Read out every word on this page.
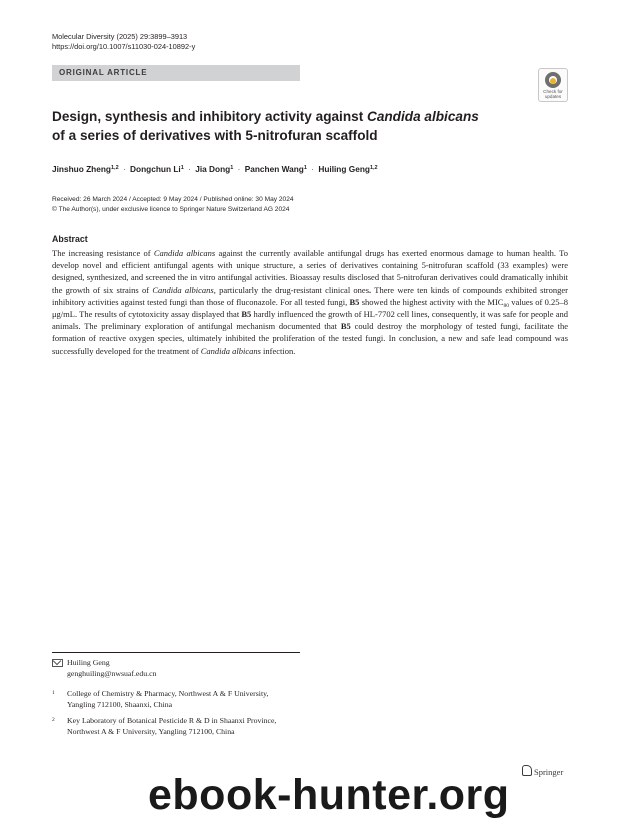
Molecular Diversity (2025) 29:3899–3913
https://doi.org/10.1007/s11030-024-10892-y
ORIGINAL ARTICLE
Check for
updates
Design, synthesis and inhibitory activity against Candida albicans
of a series of derivatives with 5-nitrofuran scaffold
Jinshuo Zheng$^{1,2}$ · Dongchun $Li^1$ · Jia Dong$^1$ · Panchen Wang$^1$ · Huiling Geng$^{1,2}$
Received: 26 March 2024 / Accepted: 9 May 2024 / Published online: 30 May 2024
© The Author(s), under exclusive licence to Springer Nature Switzerland AG 2024
Abstract
The increasing resistance of Candida albicans against the currently available antifungal drugs has exerted enormous damage to human health. To develop novel and efficient antifungal agents with unique structure, a series of derivatives containing 5-nitrofuran scaffold (33 examples) were designed, synthesized, and screened the in vitro antifungal activities. Bioassay results disclosed that 5-nitrofuran derivatives could dramatically inhibit the growth of six strains of Candida albicans, particularly the drug-resistant clinical ones. There were ten kinds of compounds exhibited stronger inhibitory activities against tested fungi than those of fluconazole. For all tested fungi, B5 showed the highest activity with the $MIC_{80}$ values of 0.25–8 μg/mL. The results of cytotoxicity assay displayed that B5 hardly influenced the growth of HL-7702 cell lines, consequently, it was safe for people and animals. The preliminary exploration of antifungal mechanism documented that B5 could destroy the morphology of tested fungi, facilitate the formation of reactive oxygen species, ultimately inhibited the proliferation of the tested fungi. In conclusion, a new and safe lead compound was successfully developed for the treatment of Candida albicans infection.
Huiling Geng
genghuiling@nwsuaf.edu.cn
1 College of Chemistry & Pharmacy, Northwest A & F University, Yangling 712100, Shaanxi, China
2 Key Laboratory of Botanical Pesticide R & D in Shaanxi Province, Northwest A & F University, Yangling 712100, China
Springer
ebook-hunter.org
